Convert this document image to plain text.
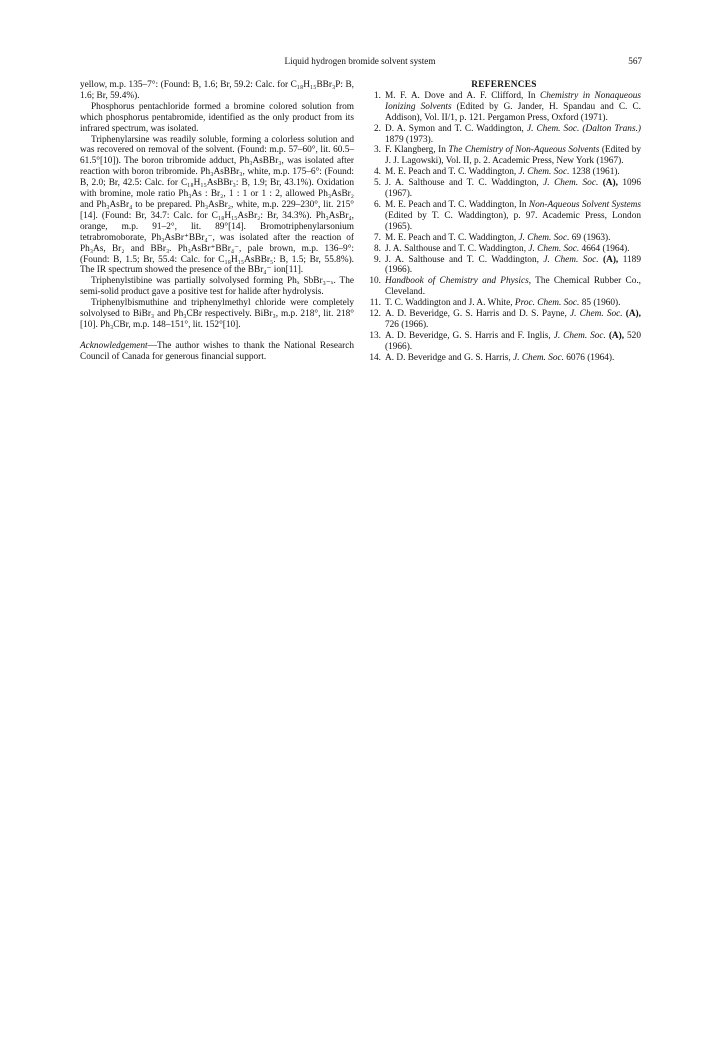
Liquid hydrogen bromide solvent system	567

yellow, m.p. 135–7°: (Found: B, 1.6; Br, 59.2: Calc. for C₁₈H₁₅BBr₃P: B, 1.6; Br, 59.4%).

Phosphorus pentachloride formed a bromine colored solution from which phosphorus pentabromide, identified as the only product from its infrared spectrum, was isolated.

Triphenylarsine was readily soluble, forming a colorless solution and was recovered on removal of the solvent. (Found: m.p. 57–60°, lit. 60.5–61.5°[10]). The boron tribromide adduct, Ph₃AsBBr₃, was isolated after reaction with boron tribromide. Ph₃AsBBr₃, white, m.p. 175–6°: (Found: B, 2.0; Br, 42.5: Calc. for C₁₈H₁₅AsBBr₃: B, 1.9; Br, 43.1%). Oxidation with bromine, mole ratio Ph₃As : Br₂, 1 : 1 or 1 : 2, allowed Ph₃AsBr₂ and Ph₃AsBr₄ to be prepared. Ph₃AsBr₂, white, m.p. 229–230°, lit. 215°[14]. (Found: Br, 34.7: Calc. for C₁₈H₁₅AsBr₂: Br, 34.3%). Ph₃AsBr₄, orange, m.p. 91–2°, lit. 89°[14]. Bromotriphenylarsonium tetrabromoborate, Ph₃AsBr⁺BBr₄⁻, was isolated after the reaction of Ph₃As, Br₂ and BBr₃. Ph₃AsBr⁺BBr₄⁻, pale brown, m.p. 136–9°: (Found: B, 1.5; Br, 55.4: Calc. for C₁₈H₁₅AsBBr₅: B, 1.5; Br, 55.8%). The IR spectrum showed the presence of the BBr₄⁻ ion[11].

Triphenylstibine was partially solvolysed forming Phₓ SbBr₃₋ₓ. The semi-solid product gave a positive test for halide after hydrolysis.

Triphenylbismuthine and triphenylmethyl chloride were completely solvolysed to BiBr₃ and Ph₃CBr respectively. BiBr₃, m.p. 218°, lit. 218°[10]. Ph₃CBr, m.p. 148–151°, lit. 152°[10].

Acknowledgement—The author wishes to thank the National Research Council of Canada for generous financial support.

REFERENCES
1. M. F. A. Dove and A. F. Clifford, In Chemistry in Nonaqueous Ionizing Solvents (Edited by G. Jander, H. Spandau and C. C. Addison), Vol. II/1, p. 121. Pergamon Press, Oxford (1971).
2. D. A. Symon and T. C. Waddington, J. Chem. Soc. (Dalton Trans.) 1879 (1973).
3. F. Klangberg, In The Chemistry of Non-Aqueous Solvents (Edited by J. J. Lagowski), Vol. II, p. 2. Academic Press, New York (1967).
4. M. E. Peach and T. C. Waddington, J. Chem. Soc. 1238 (1961).
5. J. A. Salthouse and T. C. Waddington, J. Chem. Soc. (A), 1096 (1967).
6. M. E. Peach and T. C. Waddington, In Non-Aqueous Solvent Systems (Edited by T. C. Waddington), p. 97. Academic Press, London (1965).
7. M. E. Peach and T. C. Waddington, J. Chem. Soc. 69 (1963).
8. J. A. Salthouse and T. C. Waddington, J. Chem. Soc. 4664 (1964).
9. J. A. Salthouse and T. C. Waddington, J. Chem. Soc. (A), 1189 (1966).
10. Handbook of Chemistry and Physics, The Chemical Rubber Co., Cleveland.
11. T. C. Waddington and J. A. White, Proc. Chem. Soc. 85 (1960).
12. A. D. Beveridge, G. S. Harris and D. S. Payne, J. Chem. Soc. (A), 726 (1966).
13. A. D. Beveridge, G. S. Harris and F. Inglis, J. Chem. Soc. (A), 520 (1966).
14. A. D. Beveridge and G. S. Harris, J. Chem. Soc. 6076 (1964).
